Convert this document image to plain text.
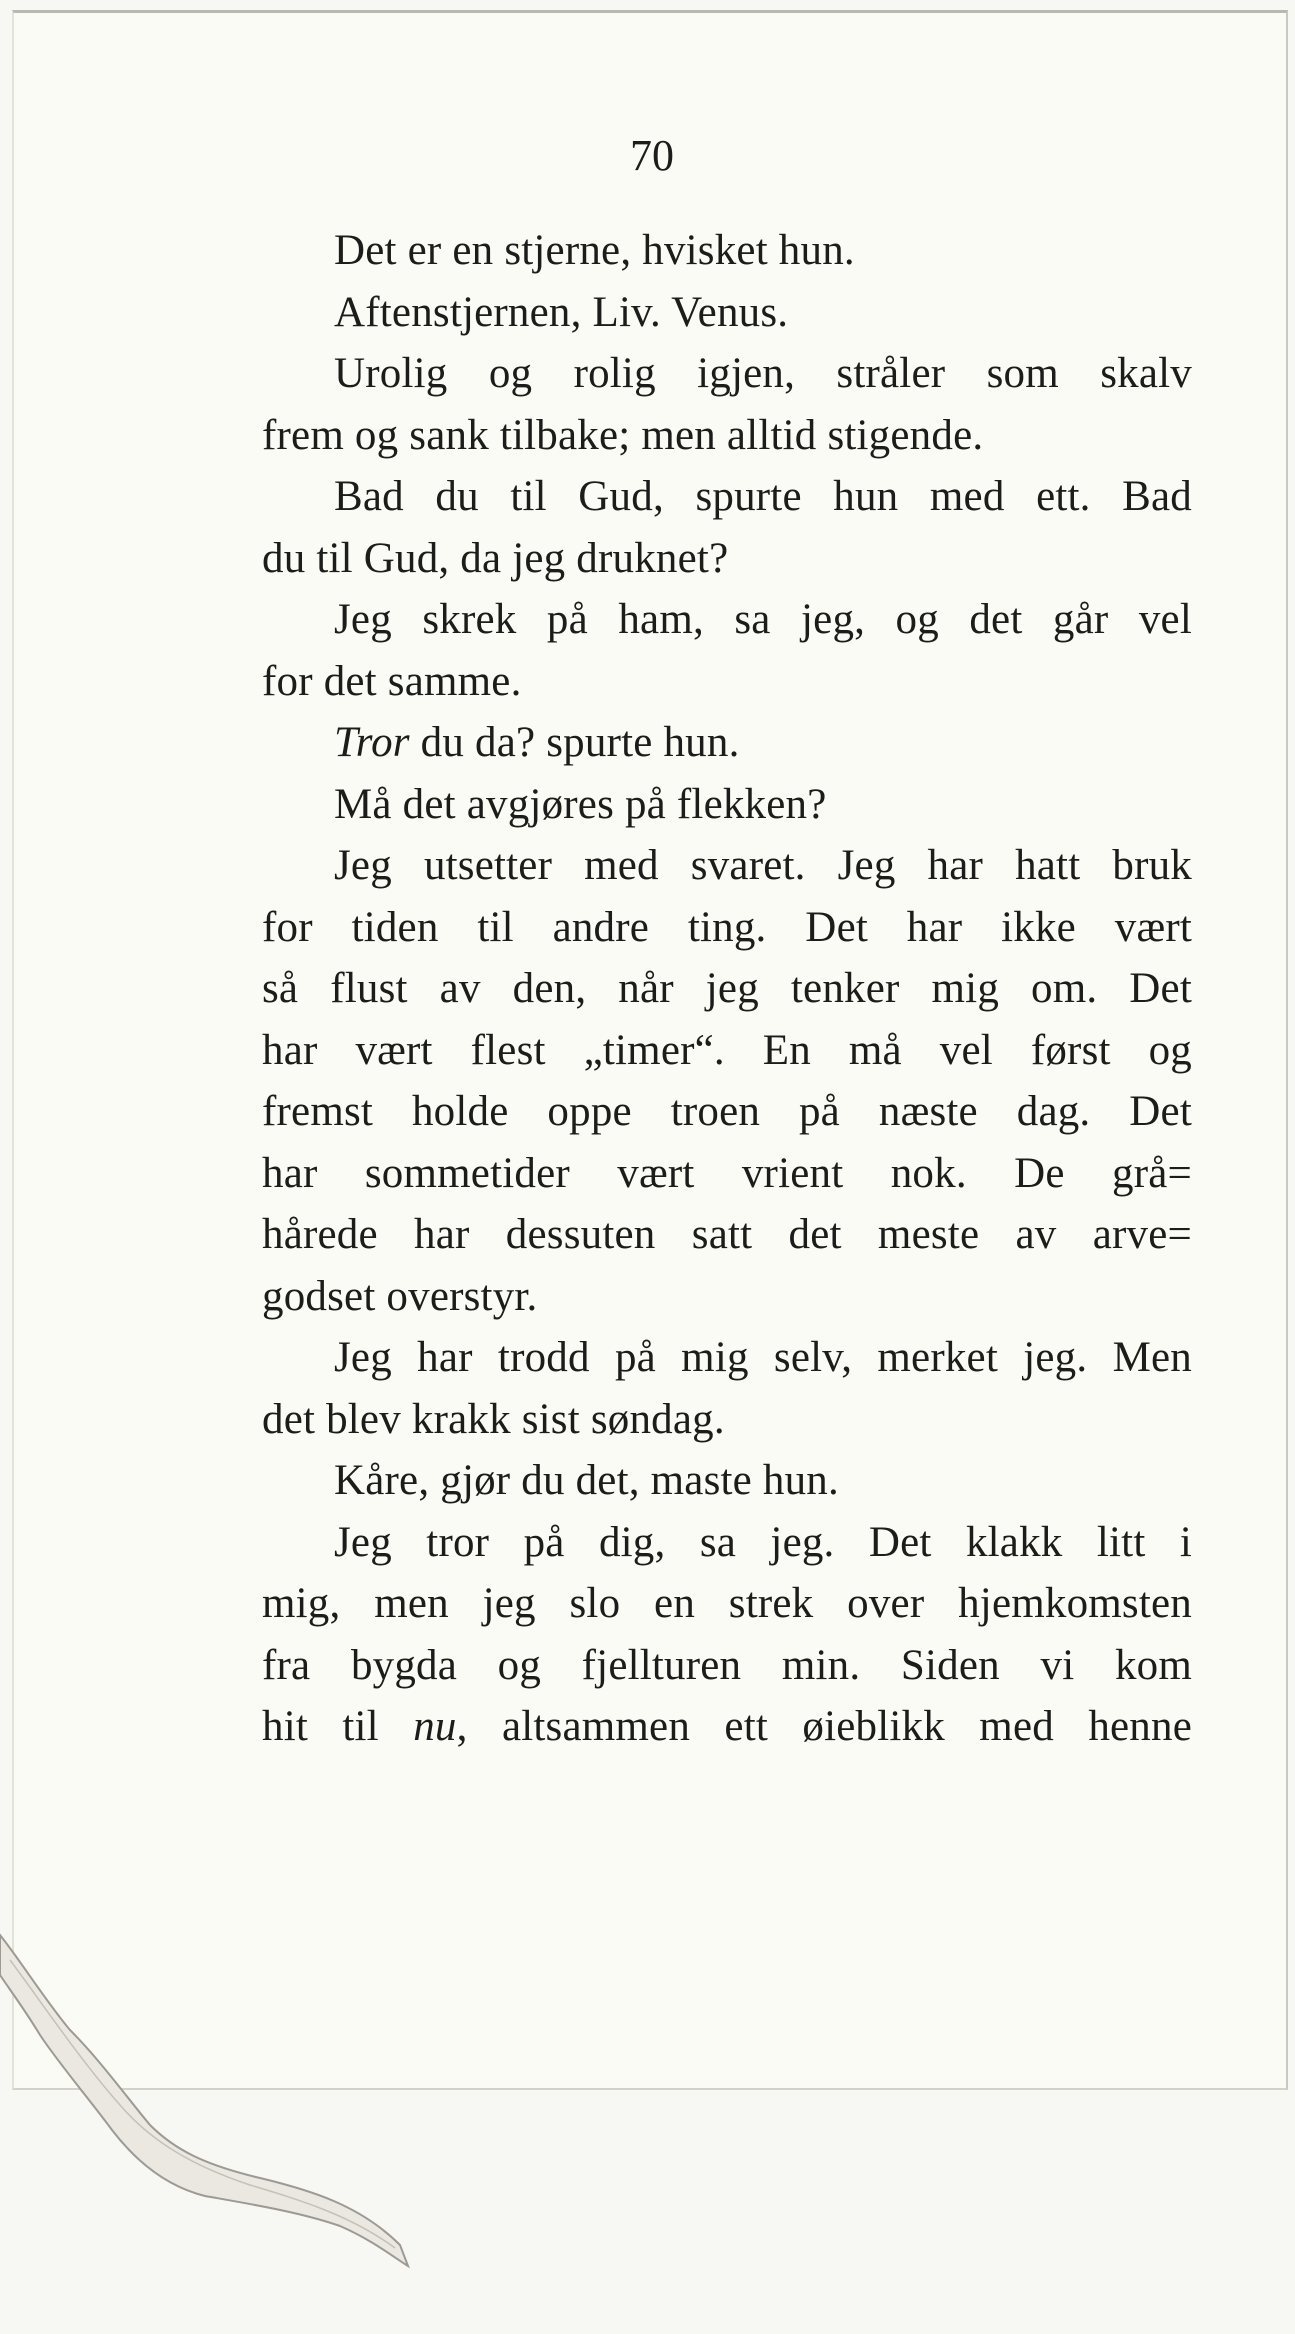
70
Det er en stjerne, hvisket hun.
Aftenstjernen, Liv. Venus.
Urolig og rolig igjen, stråler som skalv
frem og sank tilbake; men alltid stigende.
Bad du til Gud, spurte hun med ett. Bad
du til Gud, da jeg druknet?
Jeg skrek på ham, sa jeg, og det går vel
for det samme.
Tror du da? spurte hun.
Må det avgjøres på flekken?
Jeg utsetter med svaret. Jeg har hatt bruk
for tiden til andre ting. Det har ikke vært
så flust av den, når jeg tenker mig om. Det
har vært flest „timer“. En må vel først og
fremst holde oppe troen på næste dag. Det
har sommetider vært vrient nok. De grå=
hårede har dessuten satt det meste av arve=
godset overstyr.
Jeg har trodd på mig selv, merket jeg. Men
det blev krakk sist søndag.
Kåre, gjør du det, maste hun.
Jeg tror på dig, sa jeg. Det klakk litt i
mig, men jeg slo en strek over hjemkomsten
fra bygda og fjellturen min. Siden vi kom
hit til nu, altsammen ett øieblikk med henne
